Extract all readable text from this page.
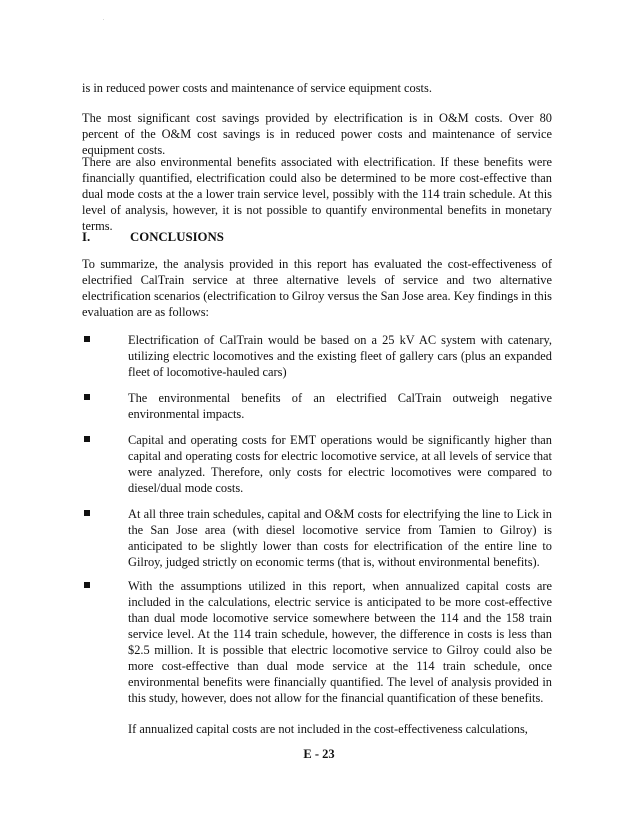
is in reduced power costs and maintenance of service equipment costs.

The most significant cost savings provided by electrification is in O&M costs. Over 80 percent of the O&M cost savings is in reduced power costs and maintenance of service equipment costs.

There are also environmental benefits associated with electrification. If these benefits were financially quantified, electrification could also be determined to be more cost-effective than dual mode costs at the a lower train service level, possibly with the 114 train schedule. At this level of analysis, however, it is not possible to quantify environmental benefits in monetary terms.

I.	CONCLUSIONS

To summarize, the analysis provided in this report has evaluated the cost-effectiveness of electrified CalTrain service at three alternative levels of service and two alternative electrification scenarios (electrification to Gilroy versus the San Jose area. Key findings in this evaluation are as follows:

Electrification of CalTrain would be based on a 25 kV AC system with catenary, utilizing electric locomotives and the existing fleet of gallery cars (plus an expanded fleet of locomotive-hauled cars)

The environmental benefits of an electrified CalTrain outweigh negative environmental impacts.

Capital and operating costs for EMT operations would be significantly higher than capital and operating costs for electric locomotive service, at all levels of service that were analyzed. Therefore, only costs for electric locomotives were compared to diesel/dual mode costs.

At all three train schedules, capital and O&M costs for electrifying the line to Lick in the San Jose area (with diesel locomotive service from Tamien to Gilroy) is anticipated to be slightly lower than costs for electrification of the entire line to Gilroy, judged strictly on economic terms (that is, without environmental benefits).

With the assumptions utilized in this report, when annualized capital costs are included in the calculations, electric service is anticipated to be more cost-effective than dual mode locomotive service somewhere between the 114 and the 158 train service level. At the 114 train schedule, however, the difference in costs is less than $2.5 million. It is possible that electric locomotive service to Gilroy could also be more cost-effective than dual mode service at the 114 train schedule, once environmental benefits were financially quantified. The level of analysis provided in this study, however, does not allow for the financial quantification of these benefits.

If annualized capital costs are not included in the cost-effectiveness calculations,

E - 23
